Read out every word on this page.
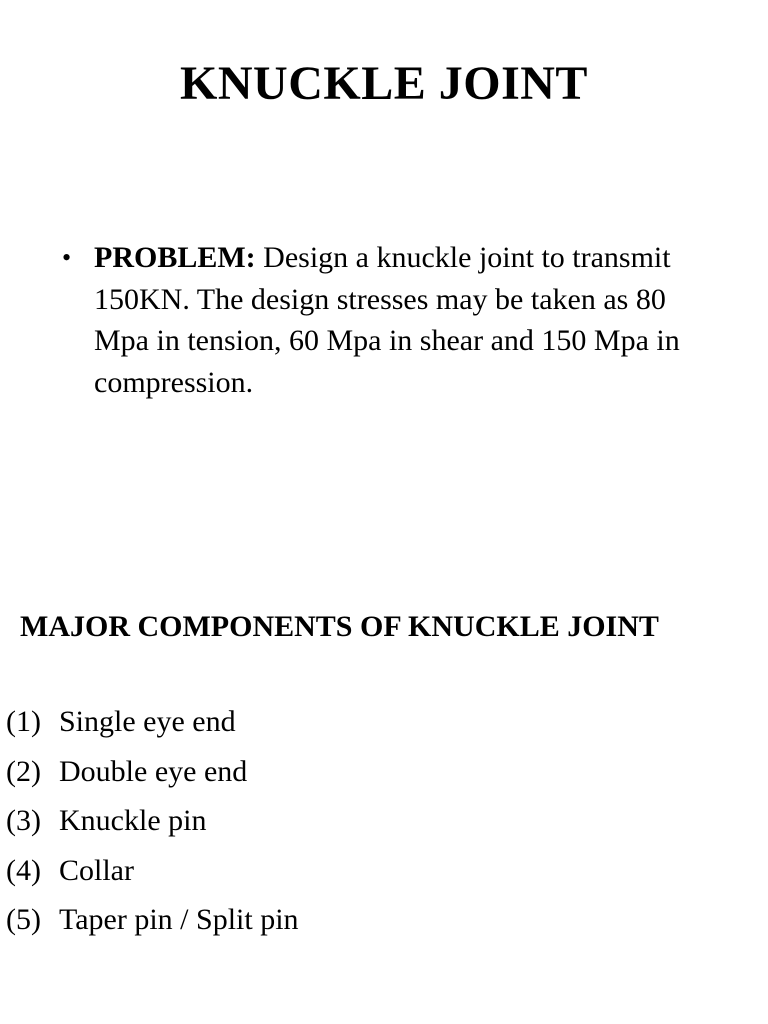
KNUCKLE JOINT
• PROBLEM: Design a knuckle joint to transmit 150KN. The design stresses may be taken as 80 Mpa in tension, 60 Mpa in shear and 150 Mpa in compression.
MAJOR COMPONENTS OF KNUCKLE JOINT
(1) Single eye end
(2) Double eye end
(3) Knuckle pin
(4) Collar
(5) Taper pin / Split pin
